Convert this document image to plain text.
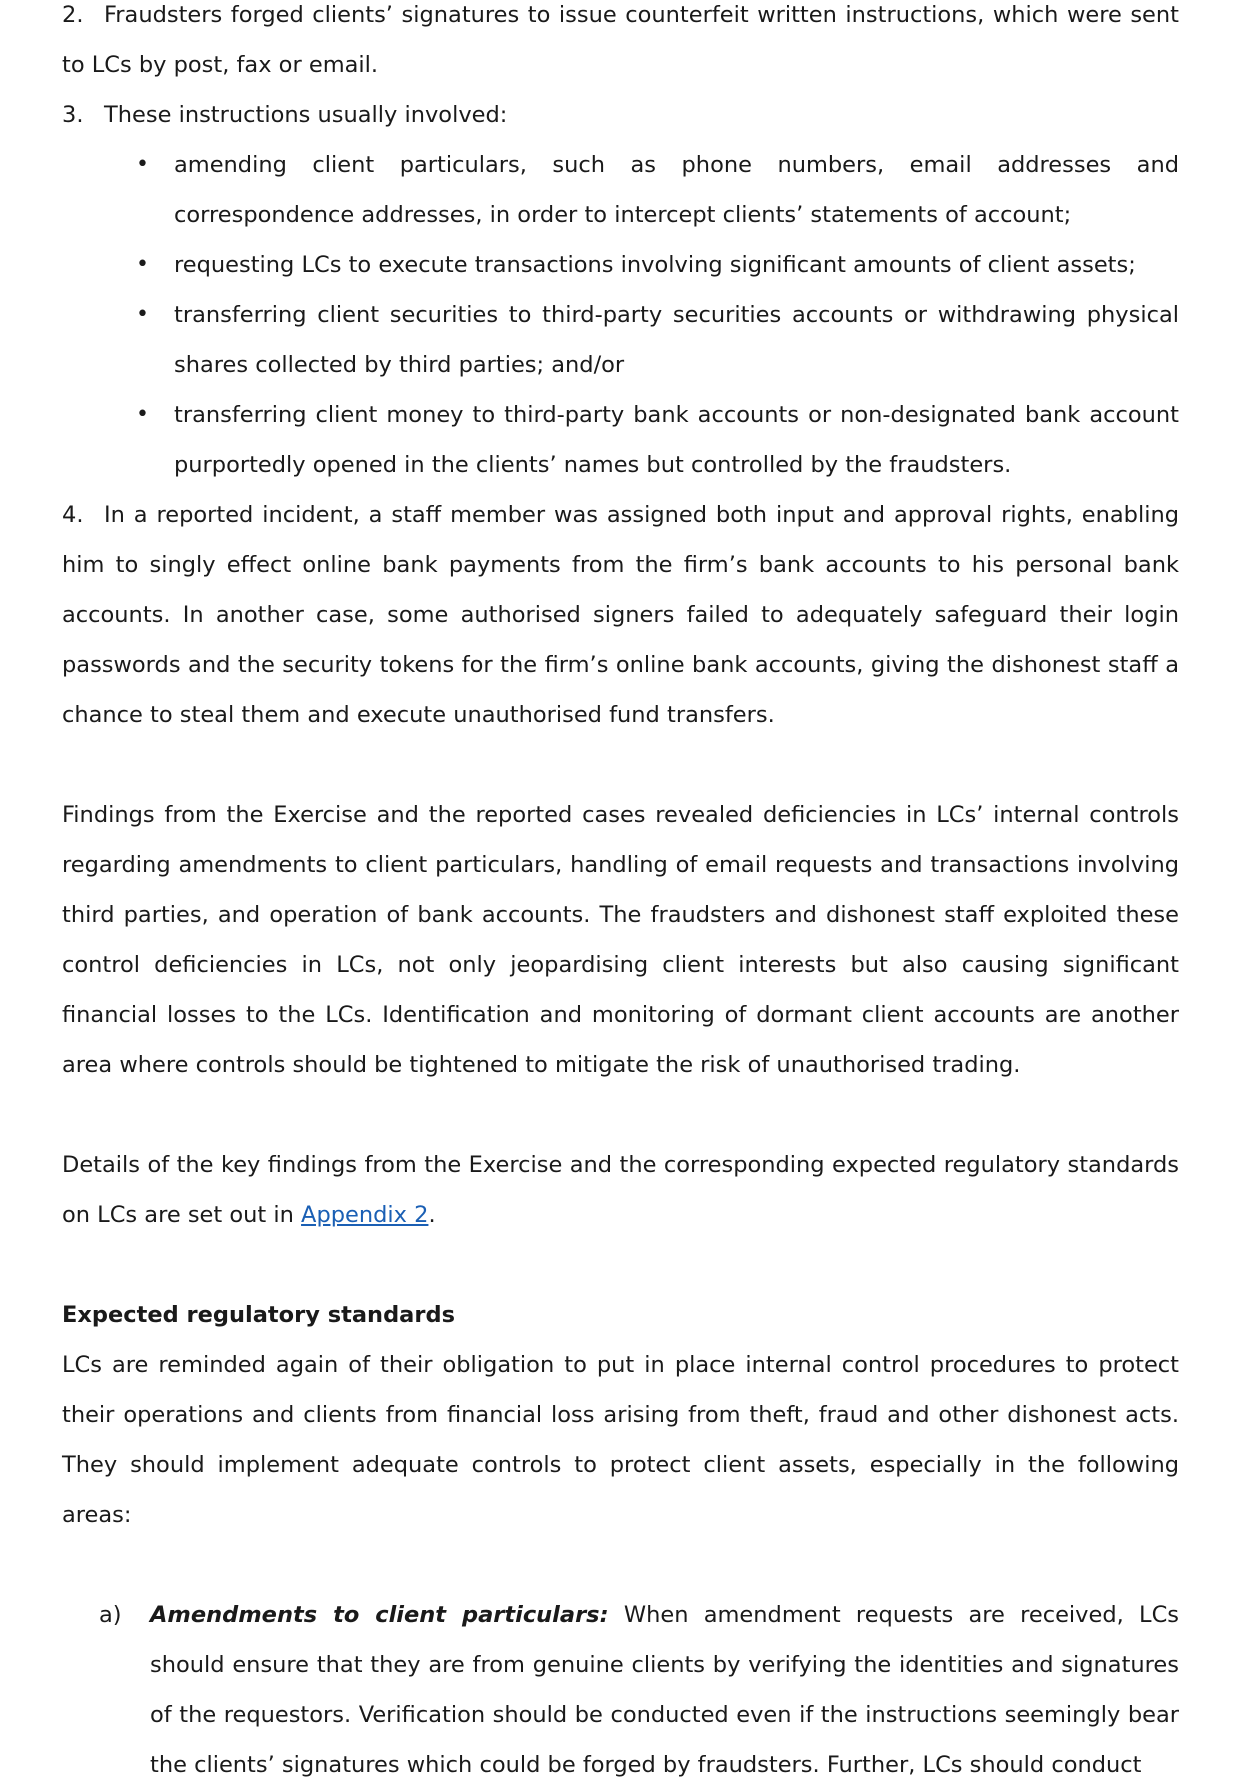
2. Fraudsters forged clients’ signatures to issue counterfeit written instructions, which were sent to LCs by post, fax or email.

3. These instructions usually involved:

• amending client particulars, such as phone numbers, email addresses and correspondence addresses, in order to intercept clients’ statements of account;
• requesting LCs to execute transactions involving significant amounts of client assets;
• transferring client securities to third-party securities accounts or withdrawing physical shares collected by third parties; and/or
• transferring client money to third-party bank accounts or non-designated bank account purportedly opened in the clients’ names but controlled by the fraudsters.

4. In a reported incident, a staff member was assigned both input and approval rights, enabling him to singly effect online bank payments from the firm’s bank accounts to his personal bank accounts. In another case, some authorised signers failed to adequately safeguard their login passwords and the security tokens for the firm’s online bank accounts, giving the dishonest staff a chance to steal them and execute unauthorised fund transfers.

Findings from the Exercise and the reported cases revealed deficiencies in LCs’ internal controls regarding amendments to client particulars, handling of email requests and transactions involving third parties, and operation of bank accounts. The fraudsters and dishonest staff exploited these control deficiencies in LCs, not only jeopardising client interests but also causing significant financial losses to the LCs. Identification and monitoring of dormant client accounts are another area where controls should be tightened to mitigate the risk of unauthorised trading.

Details of the key findings from the Exercise and the corresponding expected regulatory standards on LCs are set out in Appendix 2.

Expected regulatory standards

LCs are reminded again of their obligation to put in place internal control procedures to protect their operations and clients from financial loss arising from theft, fraud and other dishonest acts. They should implement adequate controls to protect client assets, especially in the following areas:

a) Amendments to client particulars: When amendment requests are received, LCs should ensure that they are from genuine clients by verifying the identities and signatures of the requestors. Verification should be conducted even if the instructions seemingly bear the clients’ signatures which could be forged by fraudsters. Further, LCs should conduct
